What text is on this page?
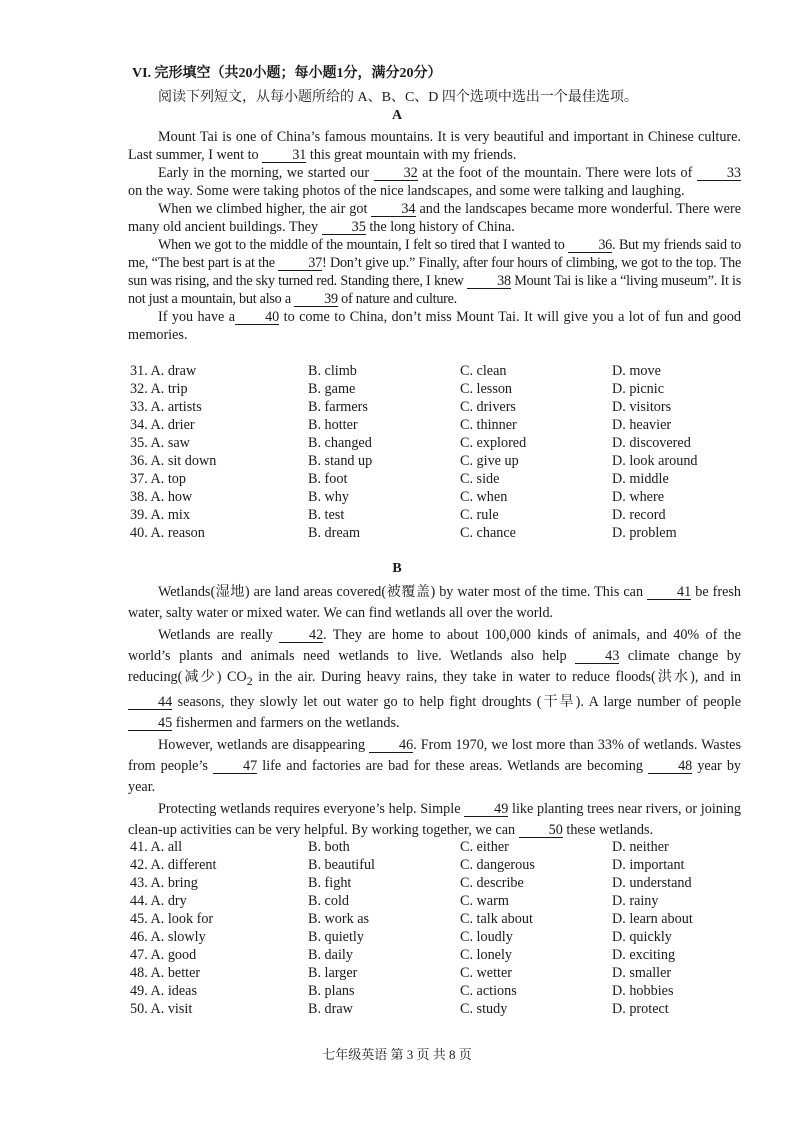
VI. 完形填空（共20小题；每小题1分，满分20分）
阅读下列短文，从每小题所给的 A、B、C、D 四个选项中选出一个最佳选项。
A

Mount Tai is one of China’s famous mountains. It is very beautiful and important in Chinese culture. Last summer, I went to 31 this great mountain with my friends.

Early in the morning, we started our 32 at the foot of the mountain. There were lots of 33 on the way. Some were taking photos of the nice landscapes, and some were talking and laughing.

When we climbed higher, the air got 34 and the landscapes became more wonderful. There were many old ancient buildings. They 35 the long history of China.

When we got to the middle of the mountain, I felt so tired that I wanted to 36. But my friends said to me, “The best part is at the 37! Don’t give up.” Finally, after four hours of climbing, we got to the top. The sun was rising, and the sky turned red. Standing there, I knew 38 Mount Tai is like a “living museum”. It is not just a mountain, but also a 39 of nature and culture.

If you have a 40 to come to China, don’t miss Mount Tai. It will give you a lot of fun and good memories.

31. A. draw	B. climb	C. clean	D. move
32. A. trip	B. game	C. lesson	D. picnic
33. A. artists	B. farmers	C. drivers	D. visitors
34. A. drier	B. hotter	C. thinner	D. heavier
35. A. saw	B. changed	C. explored	D. discovered
36. A. sit down	B. stand up	C. give up	D. look around
37. A. top	B. foot	C. side	D. middle
38. A. how	B. why	C. when	D. where
39. A. mix	B. test	C. rule	D. record
40. A. reason	B. dream	C. chance	D. problem
B

Wetlands(湿地) are land areas covered(被覆盖) by water most of the time. This can 41 be fresh water, salty water or mixed water. We can find wetlands all over the world.

Wetlands are really 42. They are home to about 100,000 kinds of animals, and 40% of the world’s plants and animals need wetlands to live. Wetlands also help 43 climate change by reducing(减少) $CO_2$ in the air. During heavy rains, they take in water to reduce floods(洪水), and in 44 seasons, they slowly let out water go to help fight droughts (干旱). A large number of people 45 fishermen and farmers on the wetlands.

However, wetlands are disappearing 46. From 1970, we lost more than 33% of wetlands. Wastes from people’s 47 life and factories are bad for these areas. Wetlands are becoming 48 year by year.

Protecting wetlands requires everyone’s help. Simple 49 like planting trees near rivers, or joining clean-up activities can be very helpful. By working together, we can 50 these wetlands.

41. A. all	B. both	C. either	D. neither
42. A. different	B. beautiful	C. dangerous	D. important
43. A. bring	B. fight	C. describe	D. understand
44. A. dry	B. cold	C. warm	D. rainy
45. A. look for	B. work as	C. talk about	D. learn about
46. A. slowly	B. quietly	C. loudly	D. quickly
47. A. good	B. daily	C. lonely	D. exciting
48. A. better	B. larger	C. wetter	D. smaller
49. A. ideas	B. plans	C. actions	D. hobbies
50. A. visit	B. draw	C. study	D. protect
七年级英语 第 3 页 共 8 页
